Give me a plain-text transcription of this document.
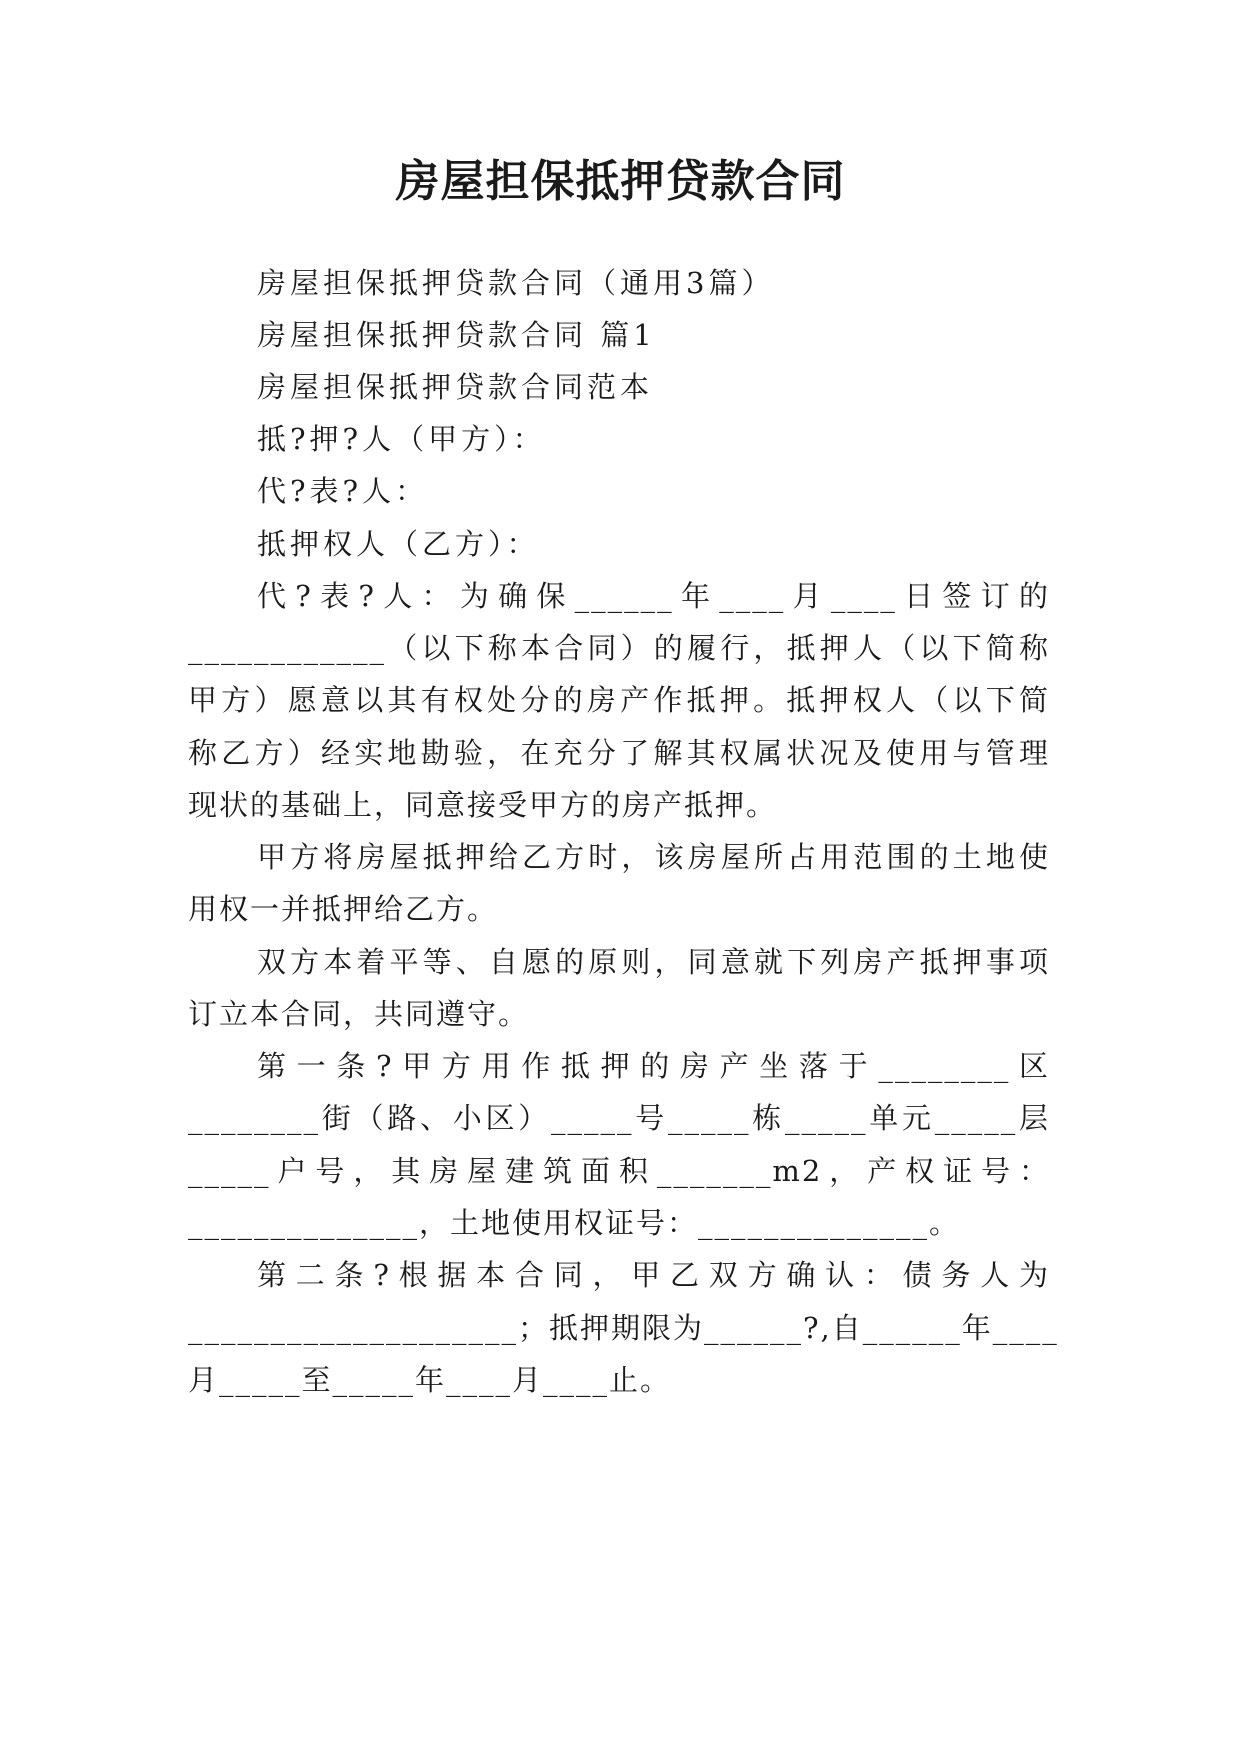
房屋担保抵押贷款合同
房屋担保抵押贷款合同（通用3篇）
房屋担保抵押贷款合同 篇1
房屋担保抵押贷款合同范本
抵?押?人（甲方）：
代?表?人：
抵押权人（乙方）：
代?表?人：为确保______年____月____日签订的
____________（以下称本合同）的履行，抵押人（以下简称
甲方）愿意以其有权处分的房产作抵押。抵押权人（以下简
称乙方）经实地勘验，在充分了解其权属状况及使用与管理
现状的基础上，同意接受甲方的房产抵押。
甲方将房屋抵押给乙方时，该房屋所占用范围的土地使
用权一并抵押给乙方。
双方本着平等、自愿的原则，同意就下列房产抵押事项
订立本合同，共同遵守。
第一条?甲方用作抵押的房产坐落于________区
________街（路、小区）_____号_____栋_____单元_____层
_____户号，其房屋建筑面积_______m2，产权证号：
______________，土地使用权证号：______________。
第二条?根据本合同，甲乙双方确认：债务人为
____________________；抵押期限为______?,自______年____
月_____至_____年____月____止。
